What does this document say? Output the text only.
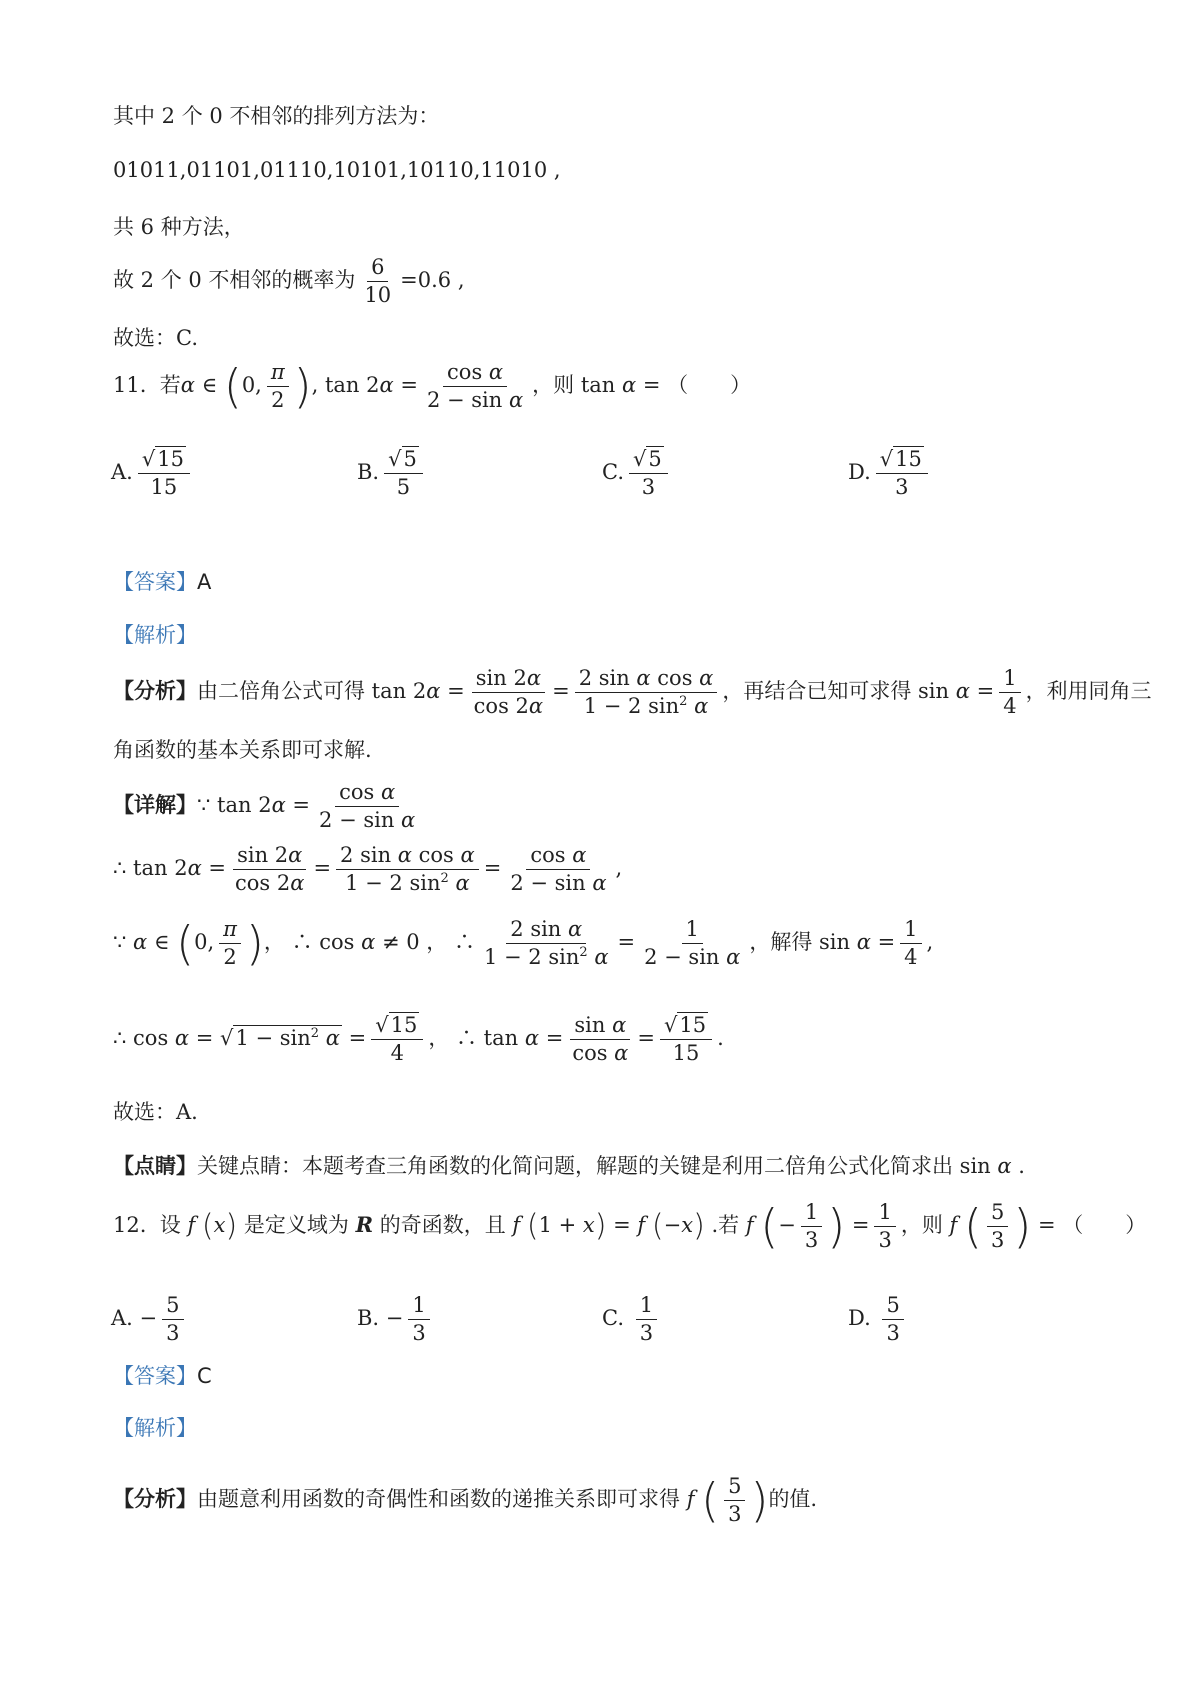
其中 2 个 0 不相邻的排列方法为：
01011,01101,01110,10101,10110,11010 ,
共 6 种方法，
故 2 个 0 不相邻的概率为 $\frac{6}{10} =0.6$ ,
故选：C.
11. 若α ∈ (0, $\frac{\pi}{2}$ ), $\tan 2\alpha = \frac{\text{cos α}}{\text{2 − sin α}}$ ，则 tan α = （　　）
A. $\frac{√15}{15}$	B. $\frac{√5}{5}$	C. $\frac{√5}{3}$	D. $\frac{√15}{3}$
【答案】A
【解析】
【分析】由二倍角公式可得 $\tan 2\alpha = \frac{\sin 2\alpha}{\cos 2\alpha} = \frac{\text{2 sin α cos α}}{1 - 2 \sin^2 \alpha}$ ，再结合已知可求得 $\sin \alpha = \frac{1}{4}$ ，利用同角三
角函数的基本关系即可求解.
【详解】∵ $\tan 2\alpha = \frac{\text{cos α}}{\text{2 − sin α}}$
∴ $\tan 2\alpha = \frac{\sin 2\alpha}{\cos 2\alpha} = \frac{\text{2 sin α cos α}}{1 - 2 \sin^2 \alpha} = \frac{\text{cos α}}{\text{2 − sin α}}$ ,
∵ α ∈ (0, $\frac{\pi}{2}$ )， ∴ cos α ≠ 0 ， ∴ $\frac{\text{2 sin α}}{1 - 2 \sin^2 \alpha} = \frac{1}{\text{2 − sin α}}$ ，解得 $\sin \alpha = \frac{1}{4}$ ,
∴ $\cos \alpha = √1 - \sin^2 \alpha = \frac{√15}{4}$ ， ∴ $\tan \alpha = \frac{\text{sin α}}{\text{cos α}} = \frac{√15}{15}$ .
故选：A.
【点睛】关键点睛：本题考查三角函数的化简问题，解题的关键是利用二倍角公式化简求出 sin α .
12. 设 f (x) 是定义域为 R 的奇函数，且 f (1 + x) = f (−x) .若 f (− $\frac{1}{3}$ ) = $\frac{1}{3}$ ，则 f ( $\frac{5}{3}$ ) = （　　）
A. − $\frac{5}{3}$	B. − $\frac{1}{3}$	C. $\frac{1}{3}$	D. $\frac{5}{3}$
【答案】C
【解析】
【分析】由题意利用函数的奇偶性和函数的递推关系即可求得 f ( $\frac{5}{3}$ )的值.
